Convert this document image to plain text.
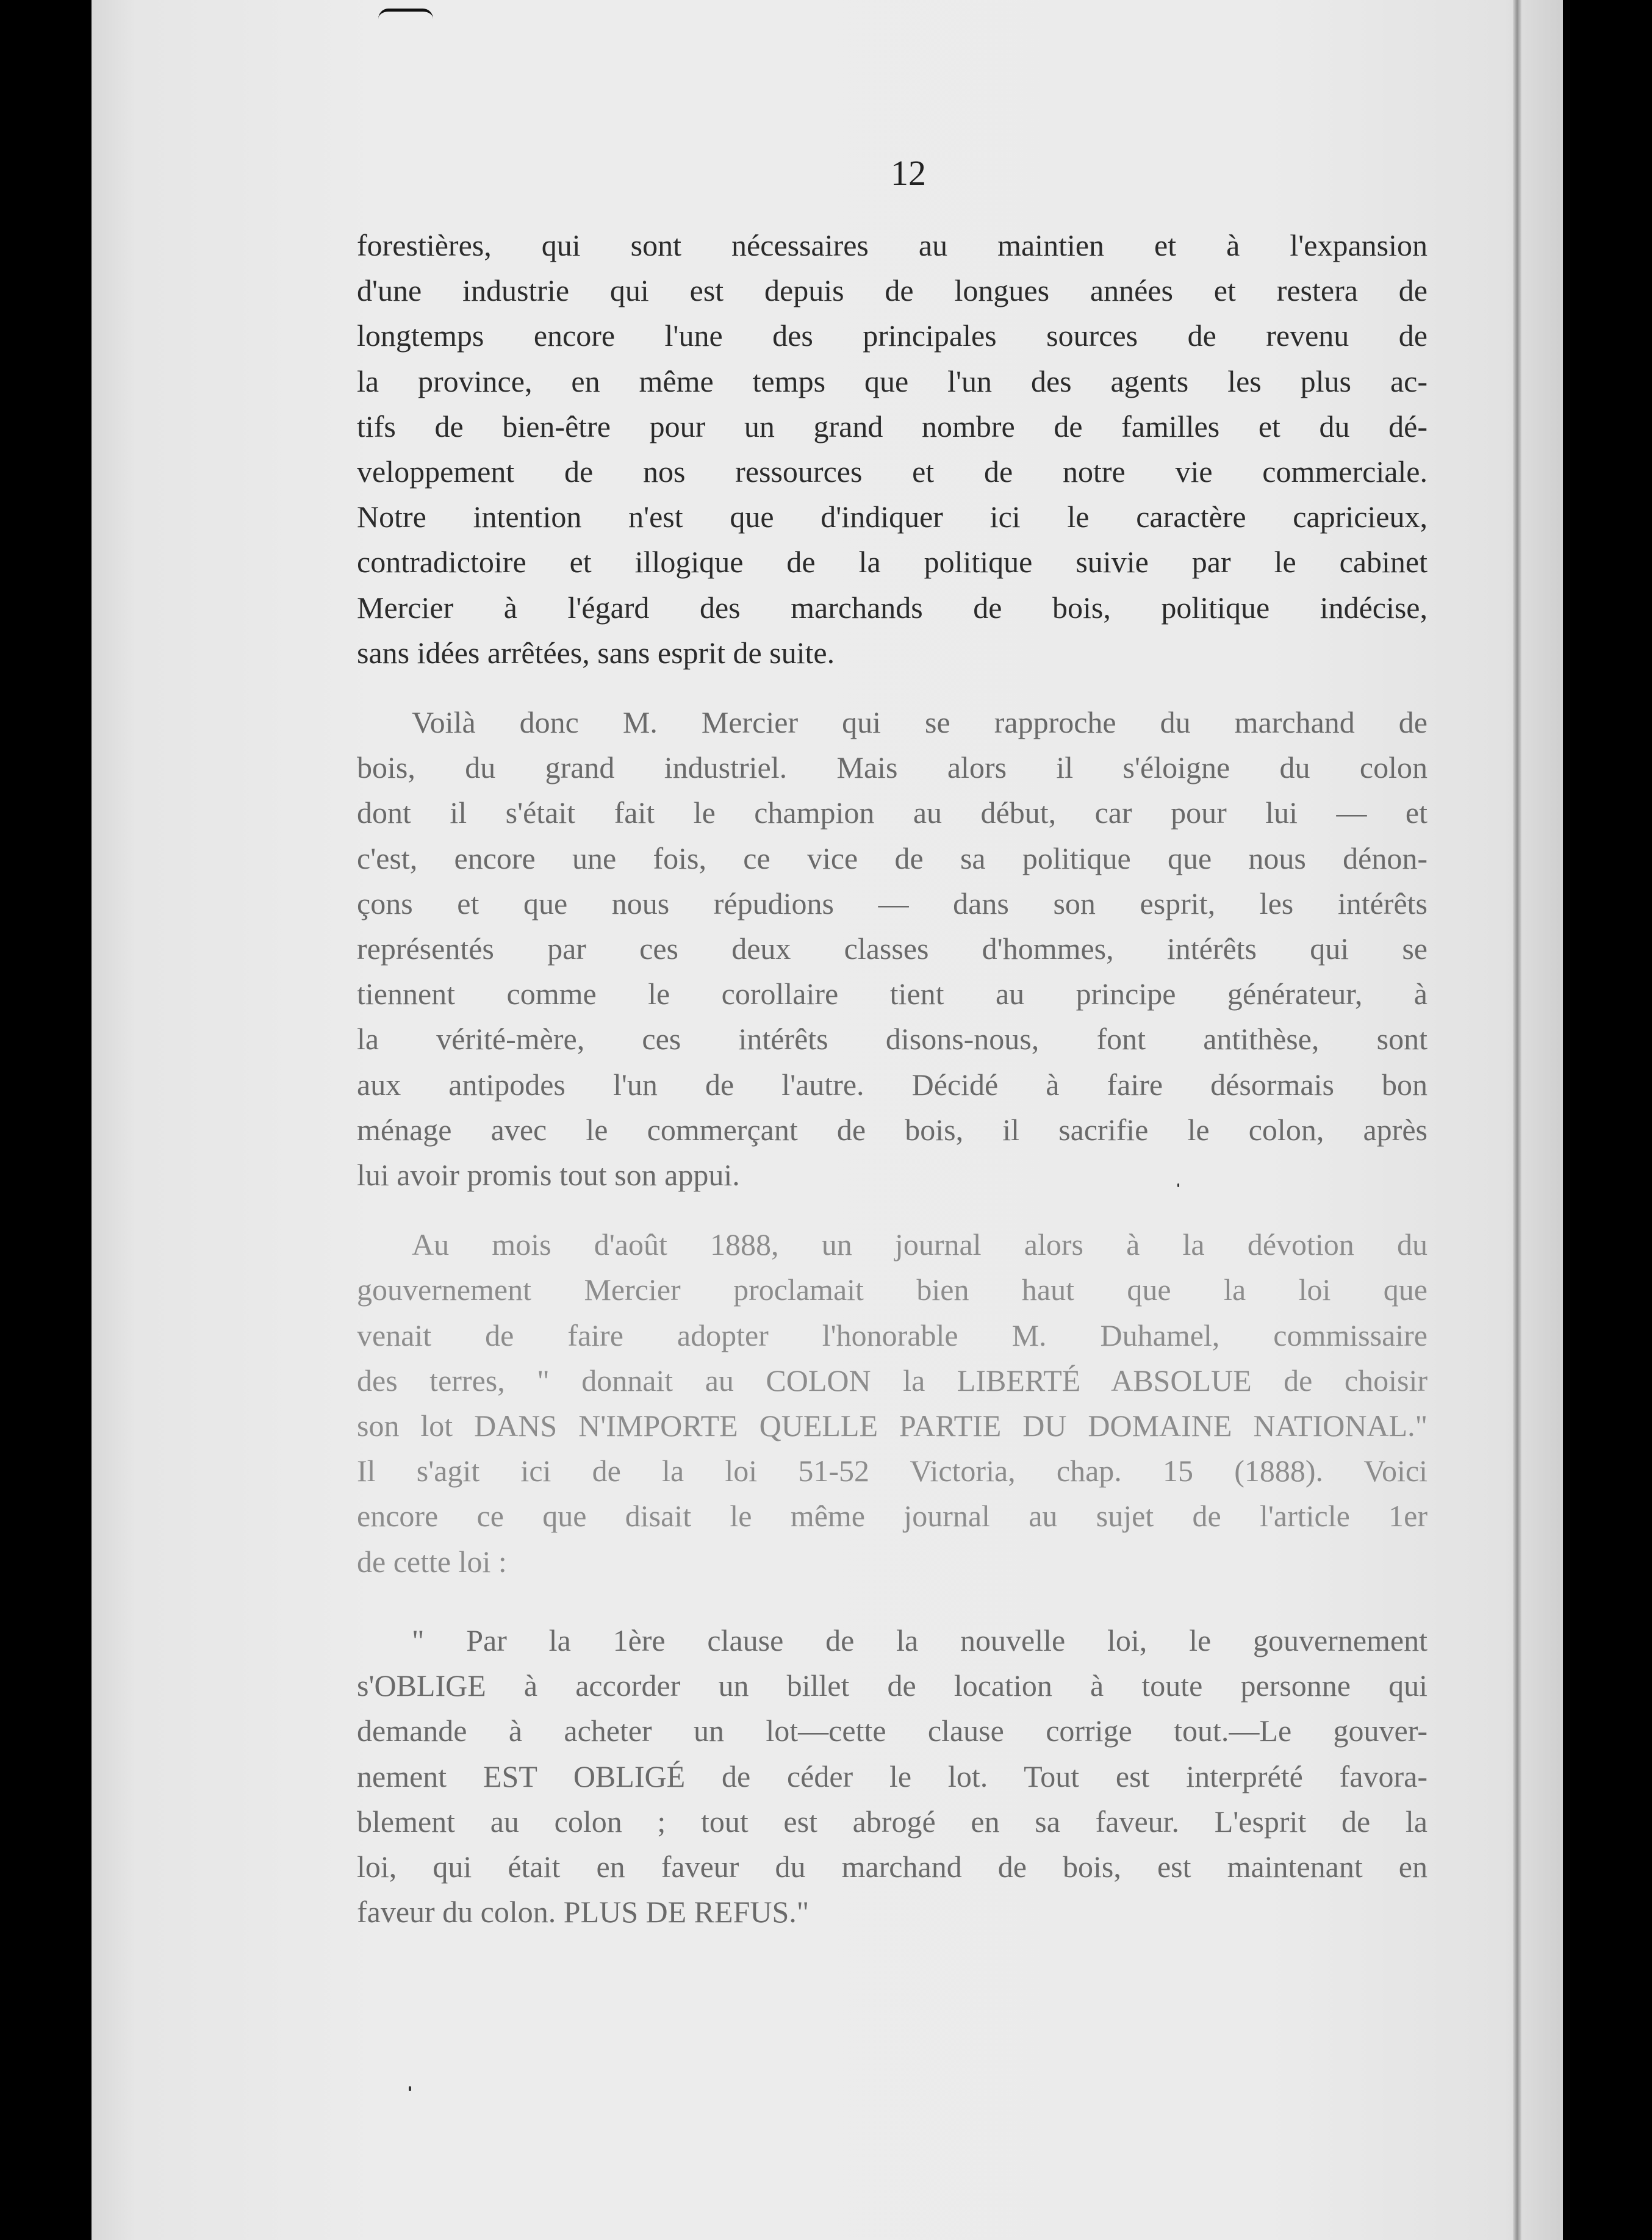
12

forestières, qui sont nécessaires au maintien et à l'expansion
d'une industrie qui est depuis de longues années et restera de
longtemps encore l'une des principales sources de revenu de
la province, en même temps que l'un des agents les plus ac-
tifs de bien-être pour un grand nombre de familles et du dé-
veloppement de nos ressources et de notre vie commerciale.
Notre intention n'est que d'indiquer ici le caractère capricieux,
contradictoire et illogique de la politique suivie par le cabinet
Mercier à l'égard des marchands de bois, politique indécise,
sans idées arrêtées, sans esprit de suite.

Voilà donc M. Mercier qui se rapproche du marchand de
bois, du grand industriel. Mais alors il s'éloigne du colon
dont il s'était fait le champion au début, car pour lui — et
c'est, encore une fois, ce vice de sa politique que nous dénon-
çons et que nous répudions — dans son esprit, les intérêts
représentés par ces deux classes d'hommes, intérêts qui se
tiennent comme le corollaire tient au principe générateur, à
la vérité-mère, ces intérêts disons-nous, font antithèse, sont
aux antipodes l'un de l'autre. Décidé à faire désormais bon
ménage avec le commerçant de bois, il sacrifie le colon, après
lui avoir promis tout son appui.

Au mois d'août 1888, un journal alors à la dévotion du
gouvernement Mercier proclamait bien haut que la loi que
venait de faire adopter l'honorable M. Duhamel, commissaire
des terres, " donnait au COLON la LIBERTÉ ABSOLUE de choisir
son lot DANS N'IMPORTE QUELLE PARTIE DU DOMAINE NATIONAL."
Il s'agit ici de la loi 51-52 Victoria, chap. 15 (1888). Voici
encore ce que disait le même journal au sujet de l'article 1er
de cette loi :

" Par la 1ère clause de la nouvelle loi, le gouvernement
s'OBLIGE à accorder un billet de location à toute personne qui
demande à acheter un lot—cette clause corrige tout.—Le gouver-
nement EST OBLIGÉ de céder le lot. Tout est interprété favora-
blement au colon ; tout est abrogé en sa faveur. L'esprit de la
loi, qui était en faveur du marchand de bois, est maintenant en
faveur du colon. PLUS DE REFUS."
